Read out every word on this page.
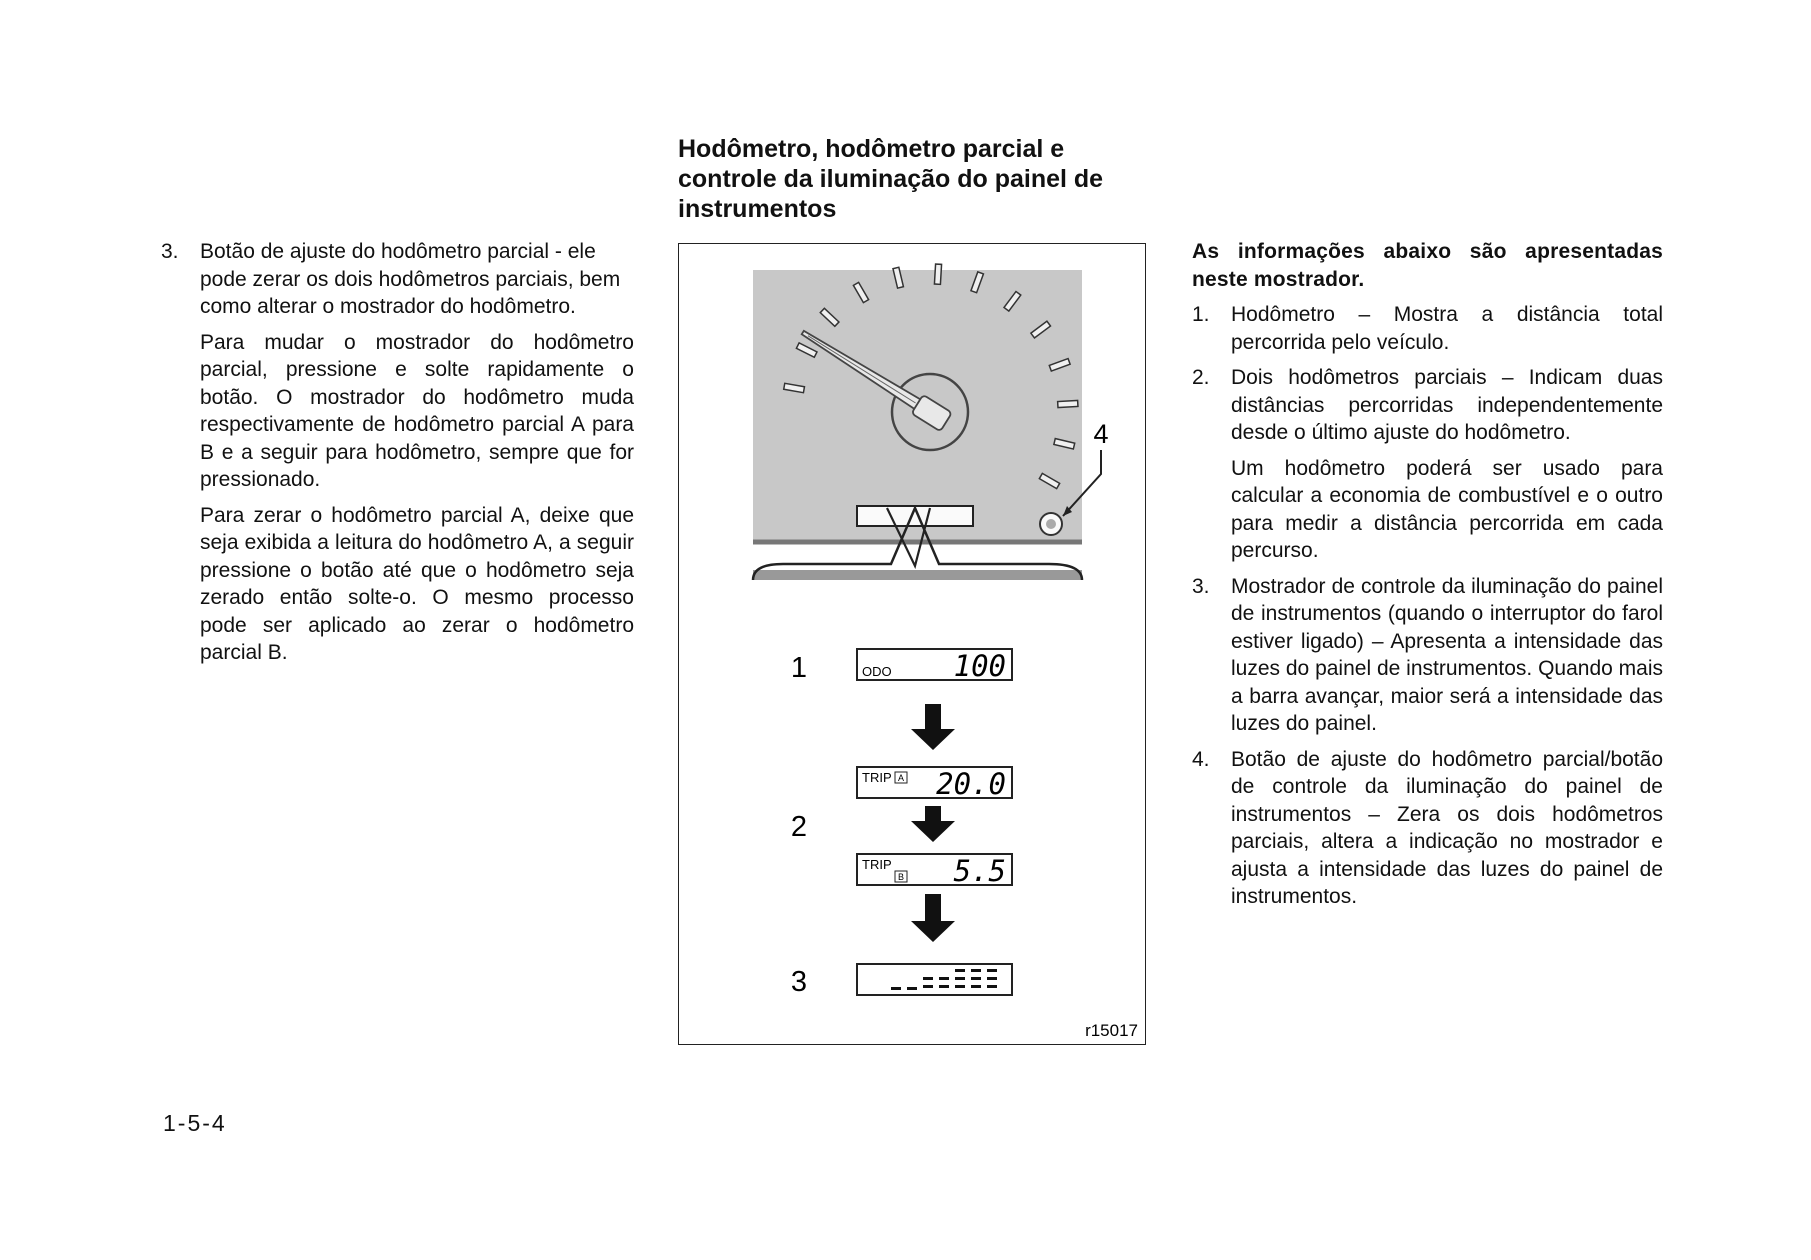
3. Botão de ajuste do hodômetro parcial - ele pode zerar os dois hodômetros parciais, bem como alterar o mostrador do hodômetro.

Para mudar o mostrador do hodômetro parcial, pressione e solte rapidamente o botão. O mostrador do hodômetro muda respectivamente de hodômetro parcial A para B e a seguir para hodômetro, sempre que for pressionado.

Para zerar o hodômetro parcial A, deixe que seja exibida a leitura do hodômetro A, a seguir pressione o botão até que o hodômetro seja zerado então solte-o. O mesmo processo pode ser aplicado ao zerar o hodômetro parcial B.

Hodômetro, hodômetro parcial e controle da iluminação do painel de instrumentos
4
1	ODO 100
TRIP A 20.0
2
TRIP
B 5.5
3
r15017

As informações abaixo são apresentadas neste mostrador.

1. Hodômetro – Mostra a distância total percorrida pelo veículo.

2. Dois hodômetros parciais – Indicam duas distâncias percorridas independentemente desde o último ajuste do hodômetro.

Um hodômetro poderá ser usado para calcular a economia de combustível e o outro para medir a distância percorrida em cada percurso.

3. Mostrador de controle da iluminação do painel de instrumentos (quando o interruptor do farol estiver ligado) – Apresenta a intensidade das luzes do painel de instrumentos. Quando mais a barra avançar, maior será a intensidade das luzes do painel.

4. Botão de ajuste do hodômetro parcial/botão de controle da iluminação do painel de instrumentos – Zera os dois hodômetros parciais, altera a indicação no mostrador e ajusta a intensidade das luzes do painel de instrumentos.

1-5-4
